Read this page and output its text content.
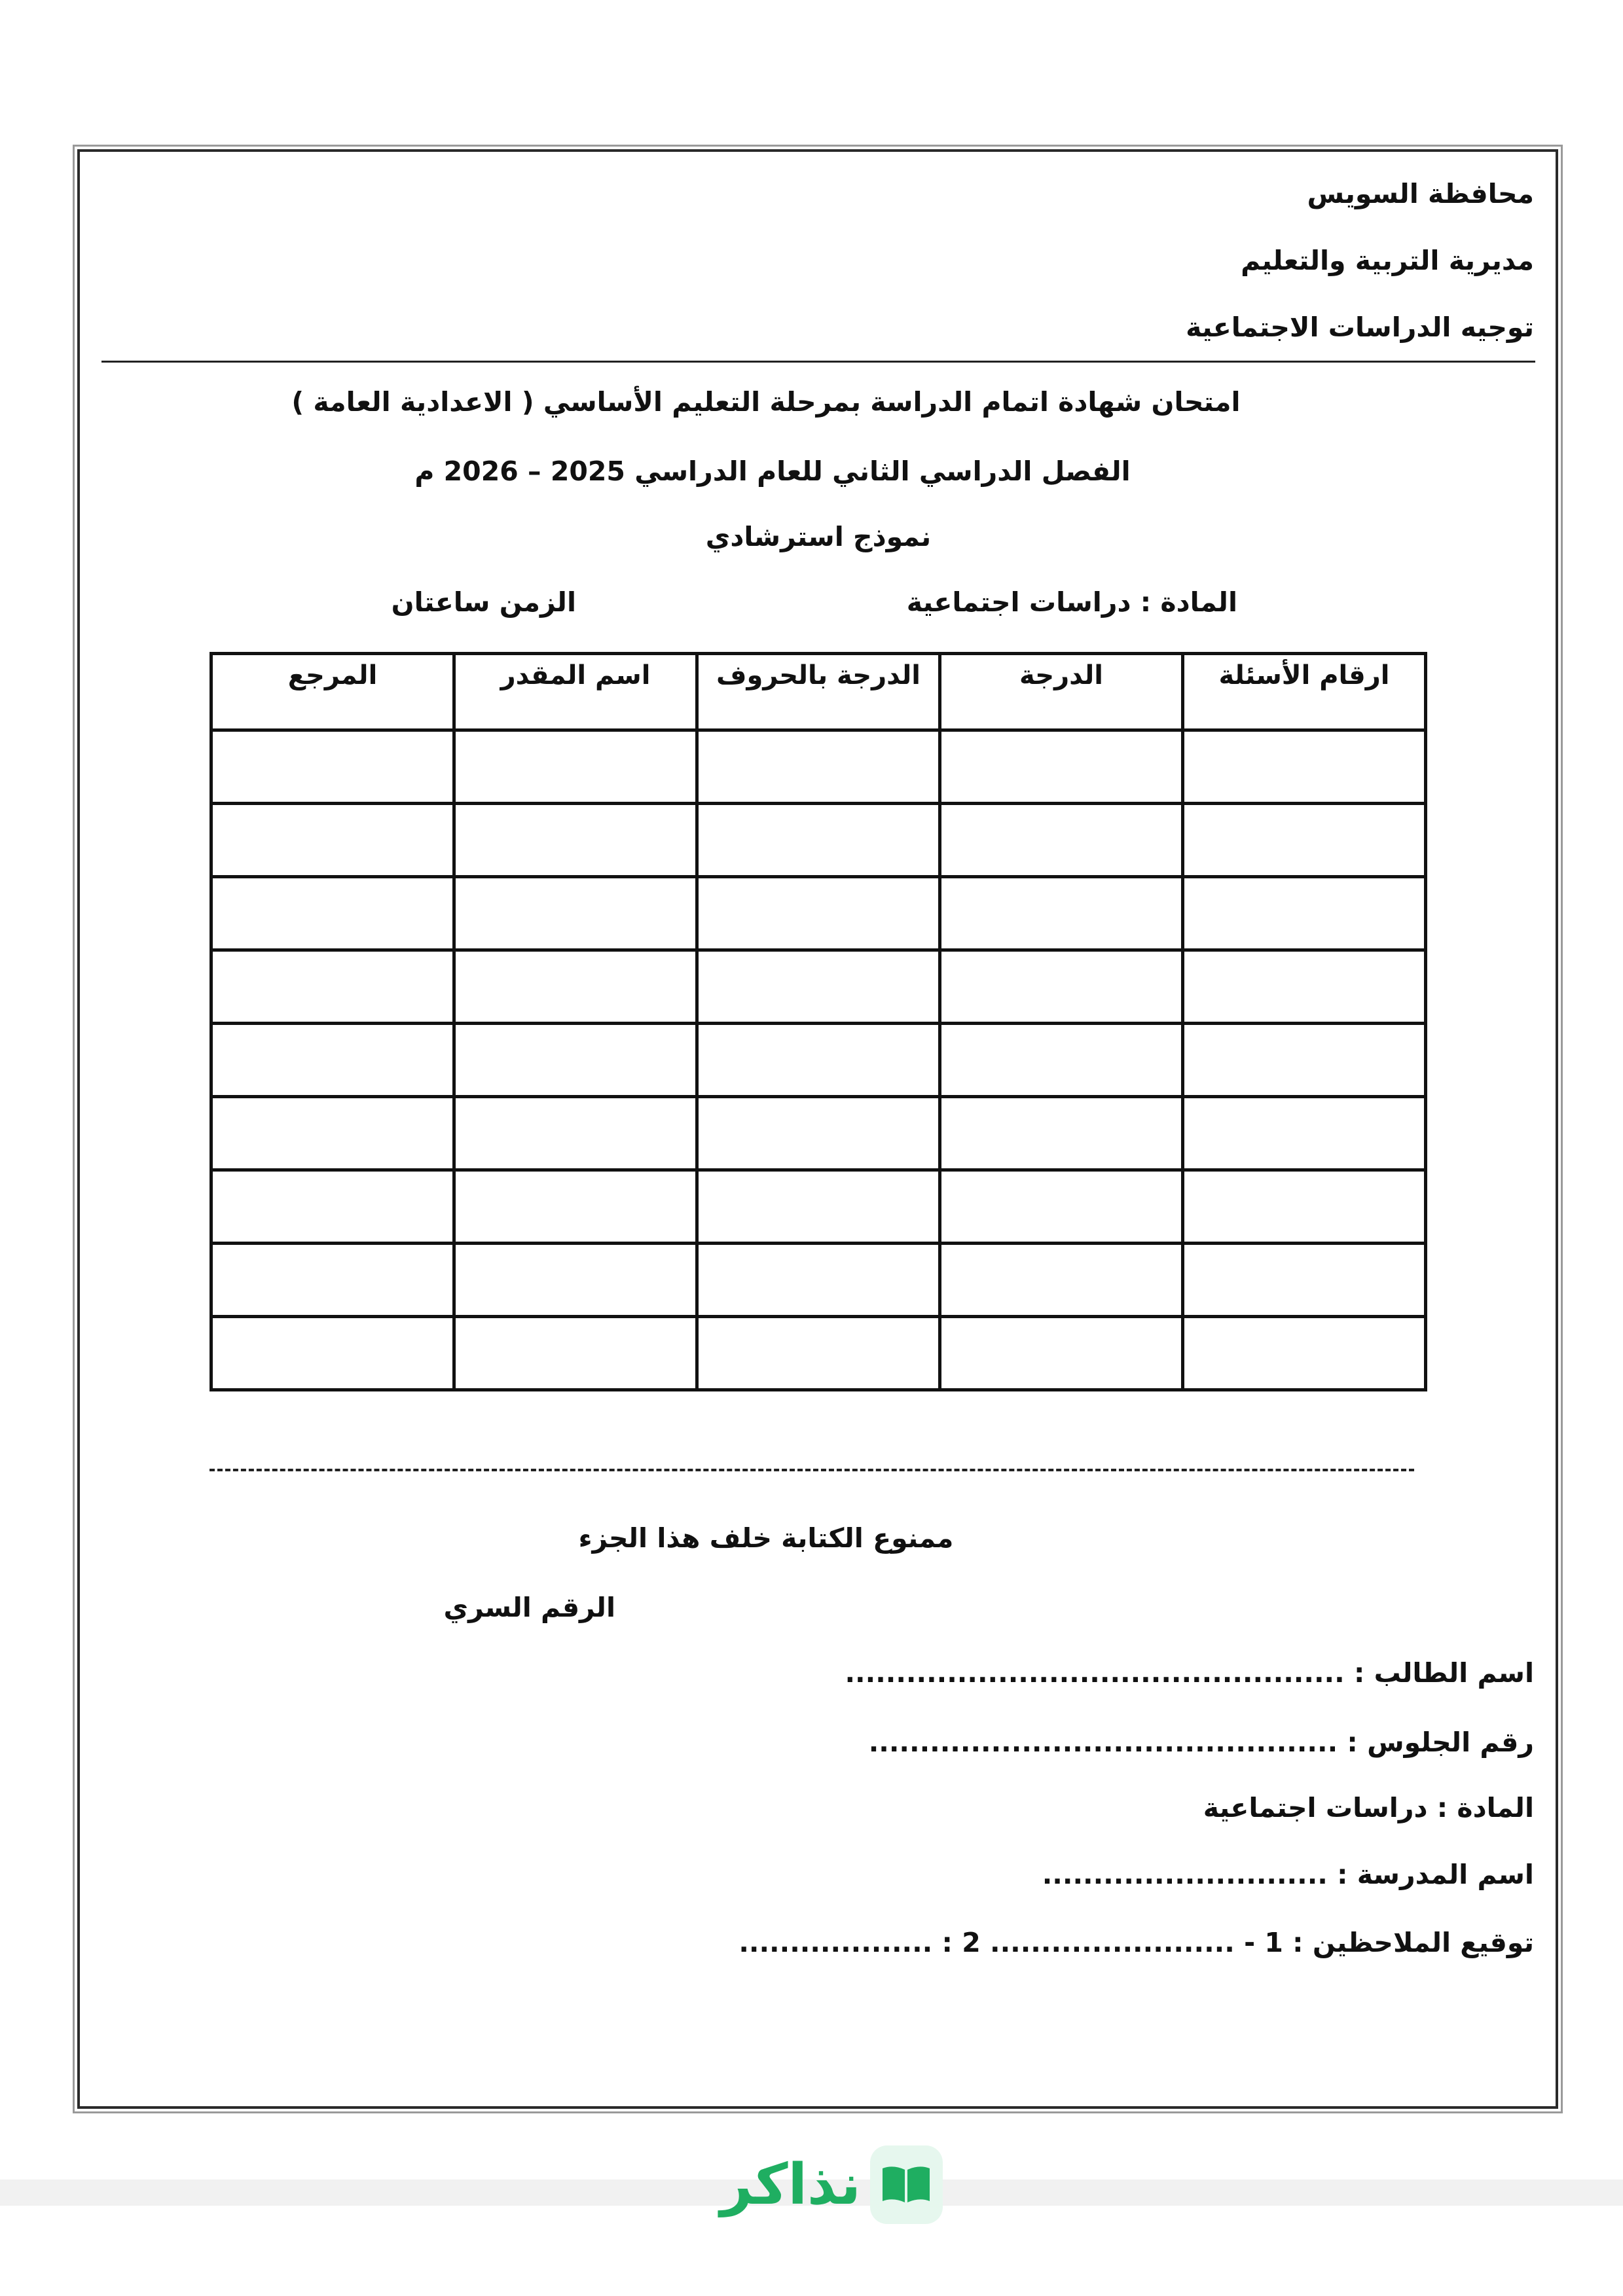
محافظة السويس
مديرية التربية والتعليم
توجيه الدراسات الاجتماعية
امتحان شهادة اتمام الدراسة بمرحلة التعليم الأساسي ( الاعدادية العامة )
الفصل الدراسي الثاني للعام الدراسي 2025 – 2026 م
نموذج استرشادي
المادة : دراسات اجتماعية
الزمن ساعتان
ارقام الأسئلة	الدرجة	الدرجة بالحروف	اسم المقدر	المرجع

ممنوع الكتابة خلف هذا الجزء
الرقم السري
اسم الطالب : .................................................
رقم الجلوس : ..............................................
المادة : دراسات اجتماعية
اسم المدرسة : ............................
توقيع الملاحظين : 1 - ........................ 2 : ...................
نذاكر
